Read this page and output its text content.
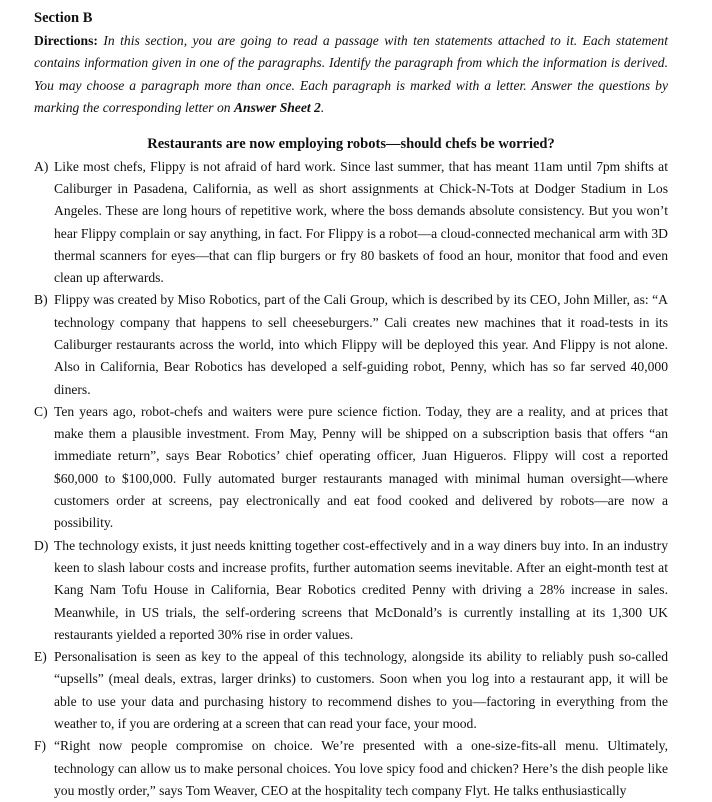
Section B

Directions: In this section, you are going to read a passage with ten statements attached to it. Each statement contains information given in one of the paragraphs. Identify the paragraph from which the information is derived. You may choose a paragraph more than once. Each paragraph is marked with a letter. Answer the questions by marking the corresponding letter on Answer Sheet 2.

Restaurants are now employing robots—should chefs be worried?

A) Like most chefs, Flippy is not afraid of hard work. Since last summer, that has meant 11am until 7pm shifts at Caliburger in Pasadena, California, as well as short assignments at Chick-N-Tots at Dodger Stadium in Los Angeles. These are long hours of repetitive work, where the boss demands absolute consistency. But you won’t hear Flippy complain or say anything, in fact. For Flippy is a robot—a cloud-connected mechanical arm with 3D thermal scanners for eyes—that can flip burgers or fry 80 baskets of food an hour, monitor that food and even clean up afterwards.

B) Flippy was created by Miso Robotics, part of the Cali Group, which is described by its CEO, John Miller, as: “A technology company that happens to sell cheeseburgers.” Cali creates new machines that it road-tests in its Caliburger restaurants across the world, into which Flippy will be deployed this year. And Flippy is not alone. Also in California, Bear Robotics has developed a self-guiding robot, Penny, which has so far served 40,000 diners.

C) Ten years ago, robot-chefs and waiters were pure science fiction. Today, they are a reality, and at prices that make them a plausible investment. From May, Penny will be shipped on a subscription basis that offers “an immediate return”, says Bear Robotics’ chief operating officer, Juan Higueros. Flippy will cost a reported $60,000 to $100,000. Fully automated burger restaurants managed with minimal human oversight—where customers order at screens, pay electronically and eat food cooked and delivered by robots—are now a possibility.

D) The technology exists, it just needs knitting together cost-effectively and in a way diners buy into. In an industry keen to slash labour costs and increase profits, further automation seems inevitable. After an eight-month test at Kang Nam Tofu House in California, Bear Robotics credited Penny with driving a 28% increase in sales. Meanwhile, in US trials, the self-ordering screens that McDonald’s is currently installing at its 1,300 UK restaurants yielded a reported 30% rise in order values.

E) Personalisation is seen as key to the appeal of this technology, alongside its ability to reliably push so-called “upsells” (meal deals, extras, larger drinks) to customers. Soon when you log into a restaurant app, it will be able to use your data and purchasing history to recommend dishes to you—factoring in everything from the weather to, if you are ordering at a screen that can read your face, your mood.

F) “Right now people compromise on choice. We’re presented with a one-size-fits-all menu. Ultimately, technology can allow us to make personal choices. You love spicy food and chicken? Here’s the dish people like you mostly order,” says Tom Weaver, CEO at the hospitality tech company Flyt. He talks enthusiastically
